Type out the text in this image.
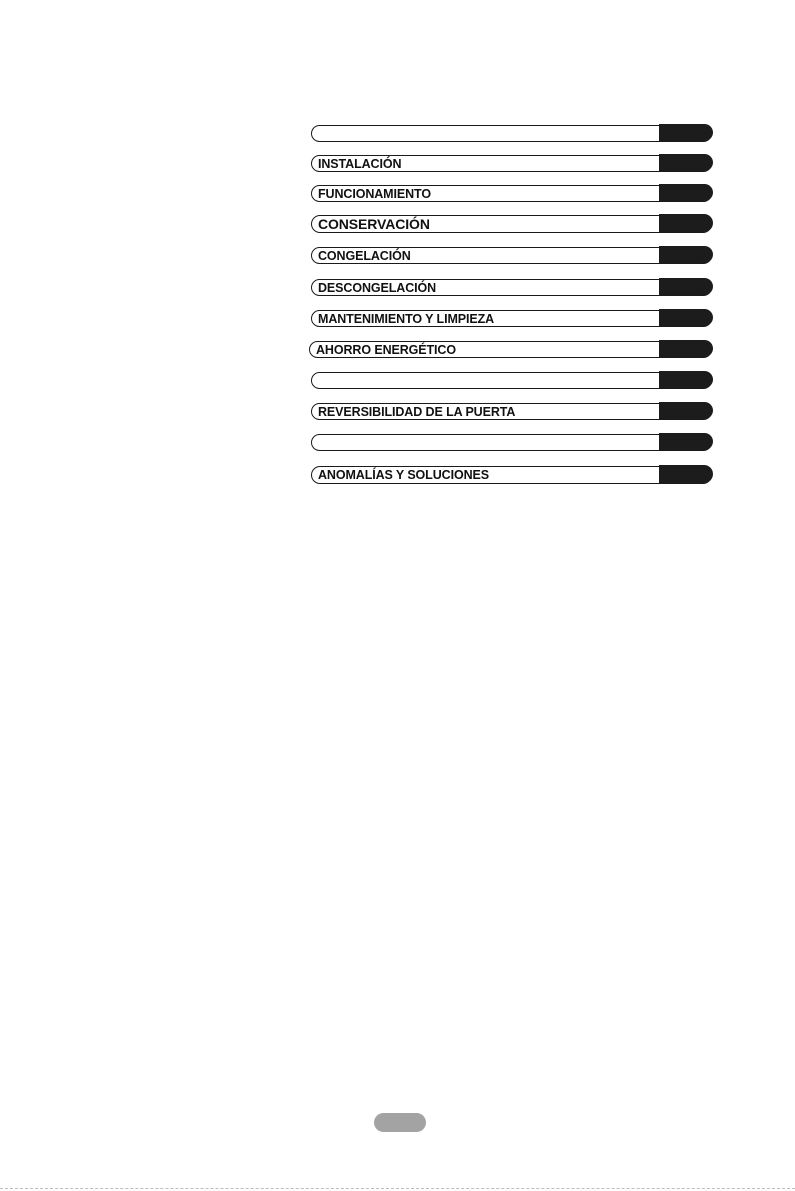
INSTALACIÓN
FUNCIONAMIENTO
CONSERVACIÓN
CONGELACIÓN
DESCONGELACIÓN
MANTENIMIENTO Y LIMPIEZA
AHORRO ENERGÉTICO
REVERSIBILIDAD DE LA PUERTA
ANOMALÍAS Y SOLUCIONES
